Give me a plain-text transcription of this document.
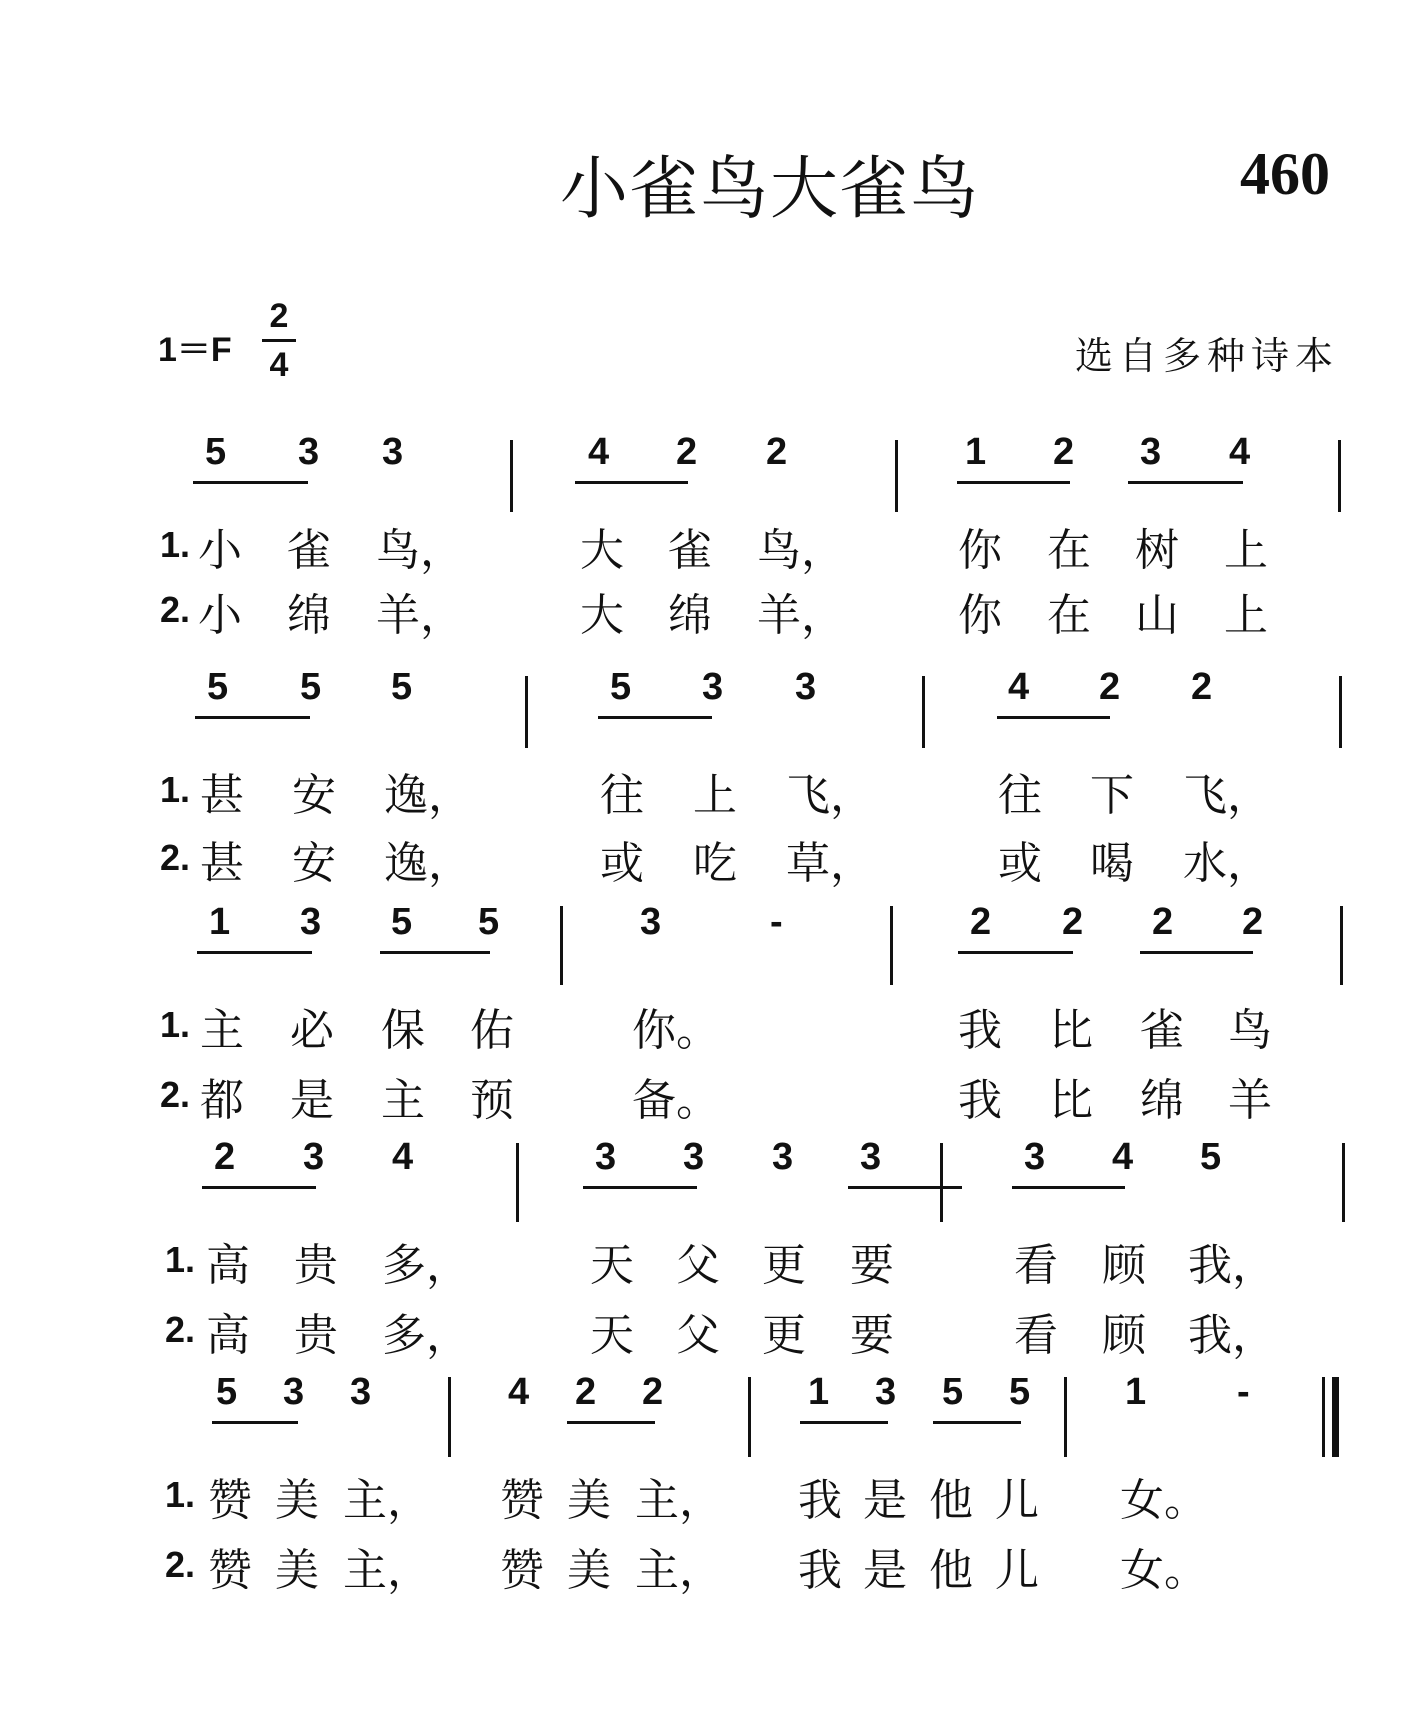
小雀鸟大雀鸟	460
1＝F
2
4	选自多种诗本
5 3 3	4 2 2	1 2 3 4
1. 小 雀 鸟，	大 雀 鸟，	你 在 树 上
2. 小 绵 羊，	大 绵 羊，	你 在 山 上
5 5 5	5 3 3	4 2 2
1. 甚 安 逸，	往 上 飞，	往 下 飞，
2. 甚 安 逸，	或 吃 草，	或 喝 水，
1 3 5 5	3	-	2 2 2 2
1. 主 必 保 佑	你。	我 比 雀 鸟
2. 都 是 主 预	备。	我 比 绵 羊
2 3 4	3 3 3 3	3 4 5
1. 高 贵 多，	天 父 更 要	看 顾 我，
2. 高 贵 多，	天 父 更 要	看 顾 我，
5 3 3	4 2 2	1 3 5 5 1 -
1. 赞 美 主， 赞 美 主， 我 是 他 儿 女。
2. 赞 美 主， 赞 美 主， 我 是 他 儿 女。
